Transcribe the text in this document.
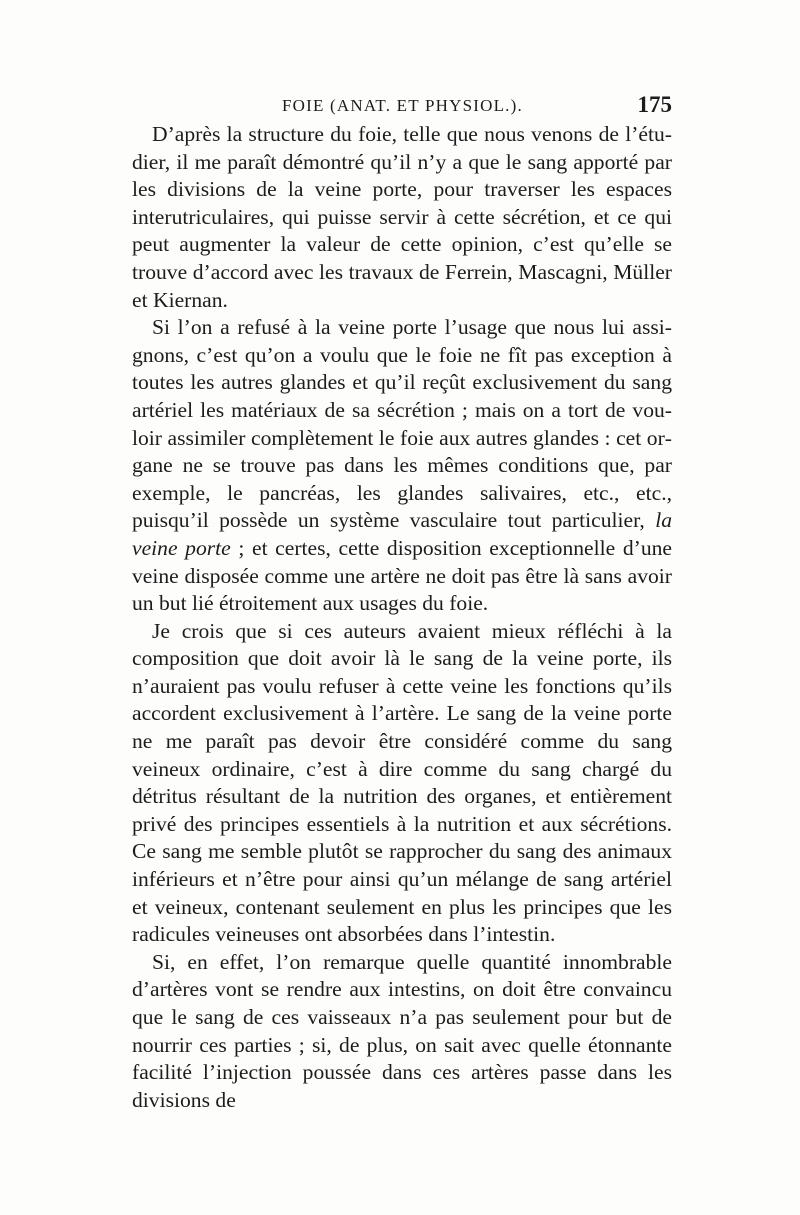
FOIE (ANAT. ET PHYSIOL.).	175

D’après la structure du foie, telle que nous venons de l’étudier, il me paraît démontré qu’il n’y a que le sang apporté par les divisions de la veine porte, pour traverser les espaces interutriculaires, qui puisse servir à cette sécrétion, et ce qui peut augmenter la valeur de cette opinion, c’est qu’elle se trouve d’accord avec les travaux de Ferrein, Mascagni, Müller et Kiernan.

Si l’on a refusé à la veine porte l’usage que nous lui assignons, c’est qu’on a voulu que le foie ne fît pas exception à toutes les autres glandes et qu’il reçût exclusivement du sang artériel les matériaux de sa sécrétion ; mais on a tort de vouloir assimiler complètement le foie aux autres glandes : cet organe ne se trouve pas dans les mêmes conditions que, par exemple, le pancréas, les glandes salivaires, etc., etc., puisqu’il possède un système vasculaire tout particulier, la veine porte ; et certes, cette disposition exceptionnelle d’une veine disposée comme une artère ne doit pas être là sans avoir un but lié étroitement aux usages du foie.

Je crois que si ces auteurs avaient mieux réfléchi à la composition que doit avoir là le sang de la veine porte, ils n’auraient pas voulu refuser à cette veine les fonctions qu’ils accordent exclusivement à l’artère. Le sang de la veine porte ne me paraît pas devoir être considéré comme du sang veineux ordinaire, c’est à dire comme du sang chargé du détritus résultant de la nutrition des organes, et entièrement privé des principes essentiels à la nutrition et aux sécrétions. Ce sang me semble plutôt se rapprocher du sang des animaux inférieurs et n’être pour ainsi qu’un mélange de sang artériel et veineux, contenant seulement en plus les principes que les radicules veineuses ont absorbées dans l’intestin.

Si, en effet, l’on remarque quelle quantité innombrable d’artères vont se rendre aux intestins, on doit être convaincu que le sang de ces vaisseaux n’a pas seulement pour but de nourrir ces parties ; si, de plus, on sait avec quelle étonnante facilité l’injection poussée dans ces artères passe dans les divisions de
